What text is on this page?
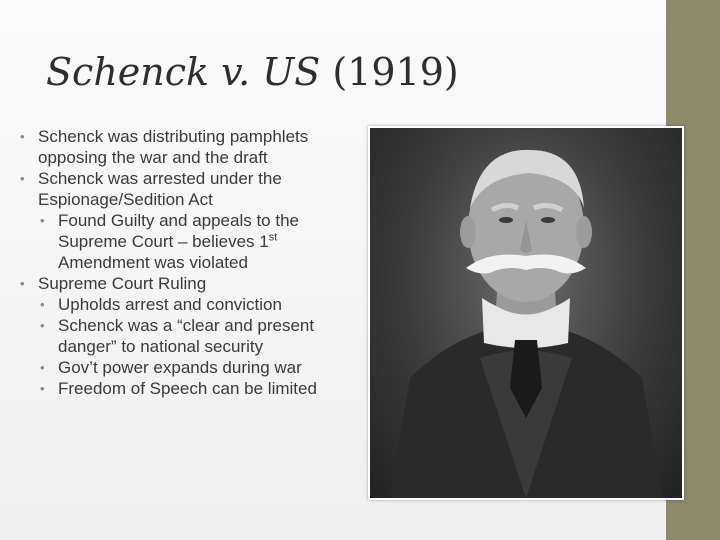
Schenck v. US (1919)
• Schenck was distributing pamphlets opposing the war and the draft
• Schenck was arrested under the Espionage/Sedition Act
• Found Guilty and appeals to the Supreme Court – believes 1st Amendment was violated
• Supreme Court Ruling
• Upholds arrest and conviction
• Schenck was a “clear and present danger” to national security
• Gov’t power expands during war
• Freedom of Speech can be limited
